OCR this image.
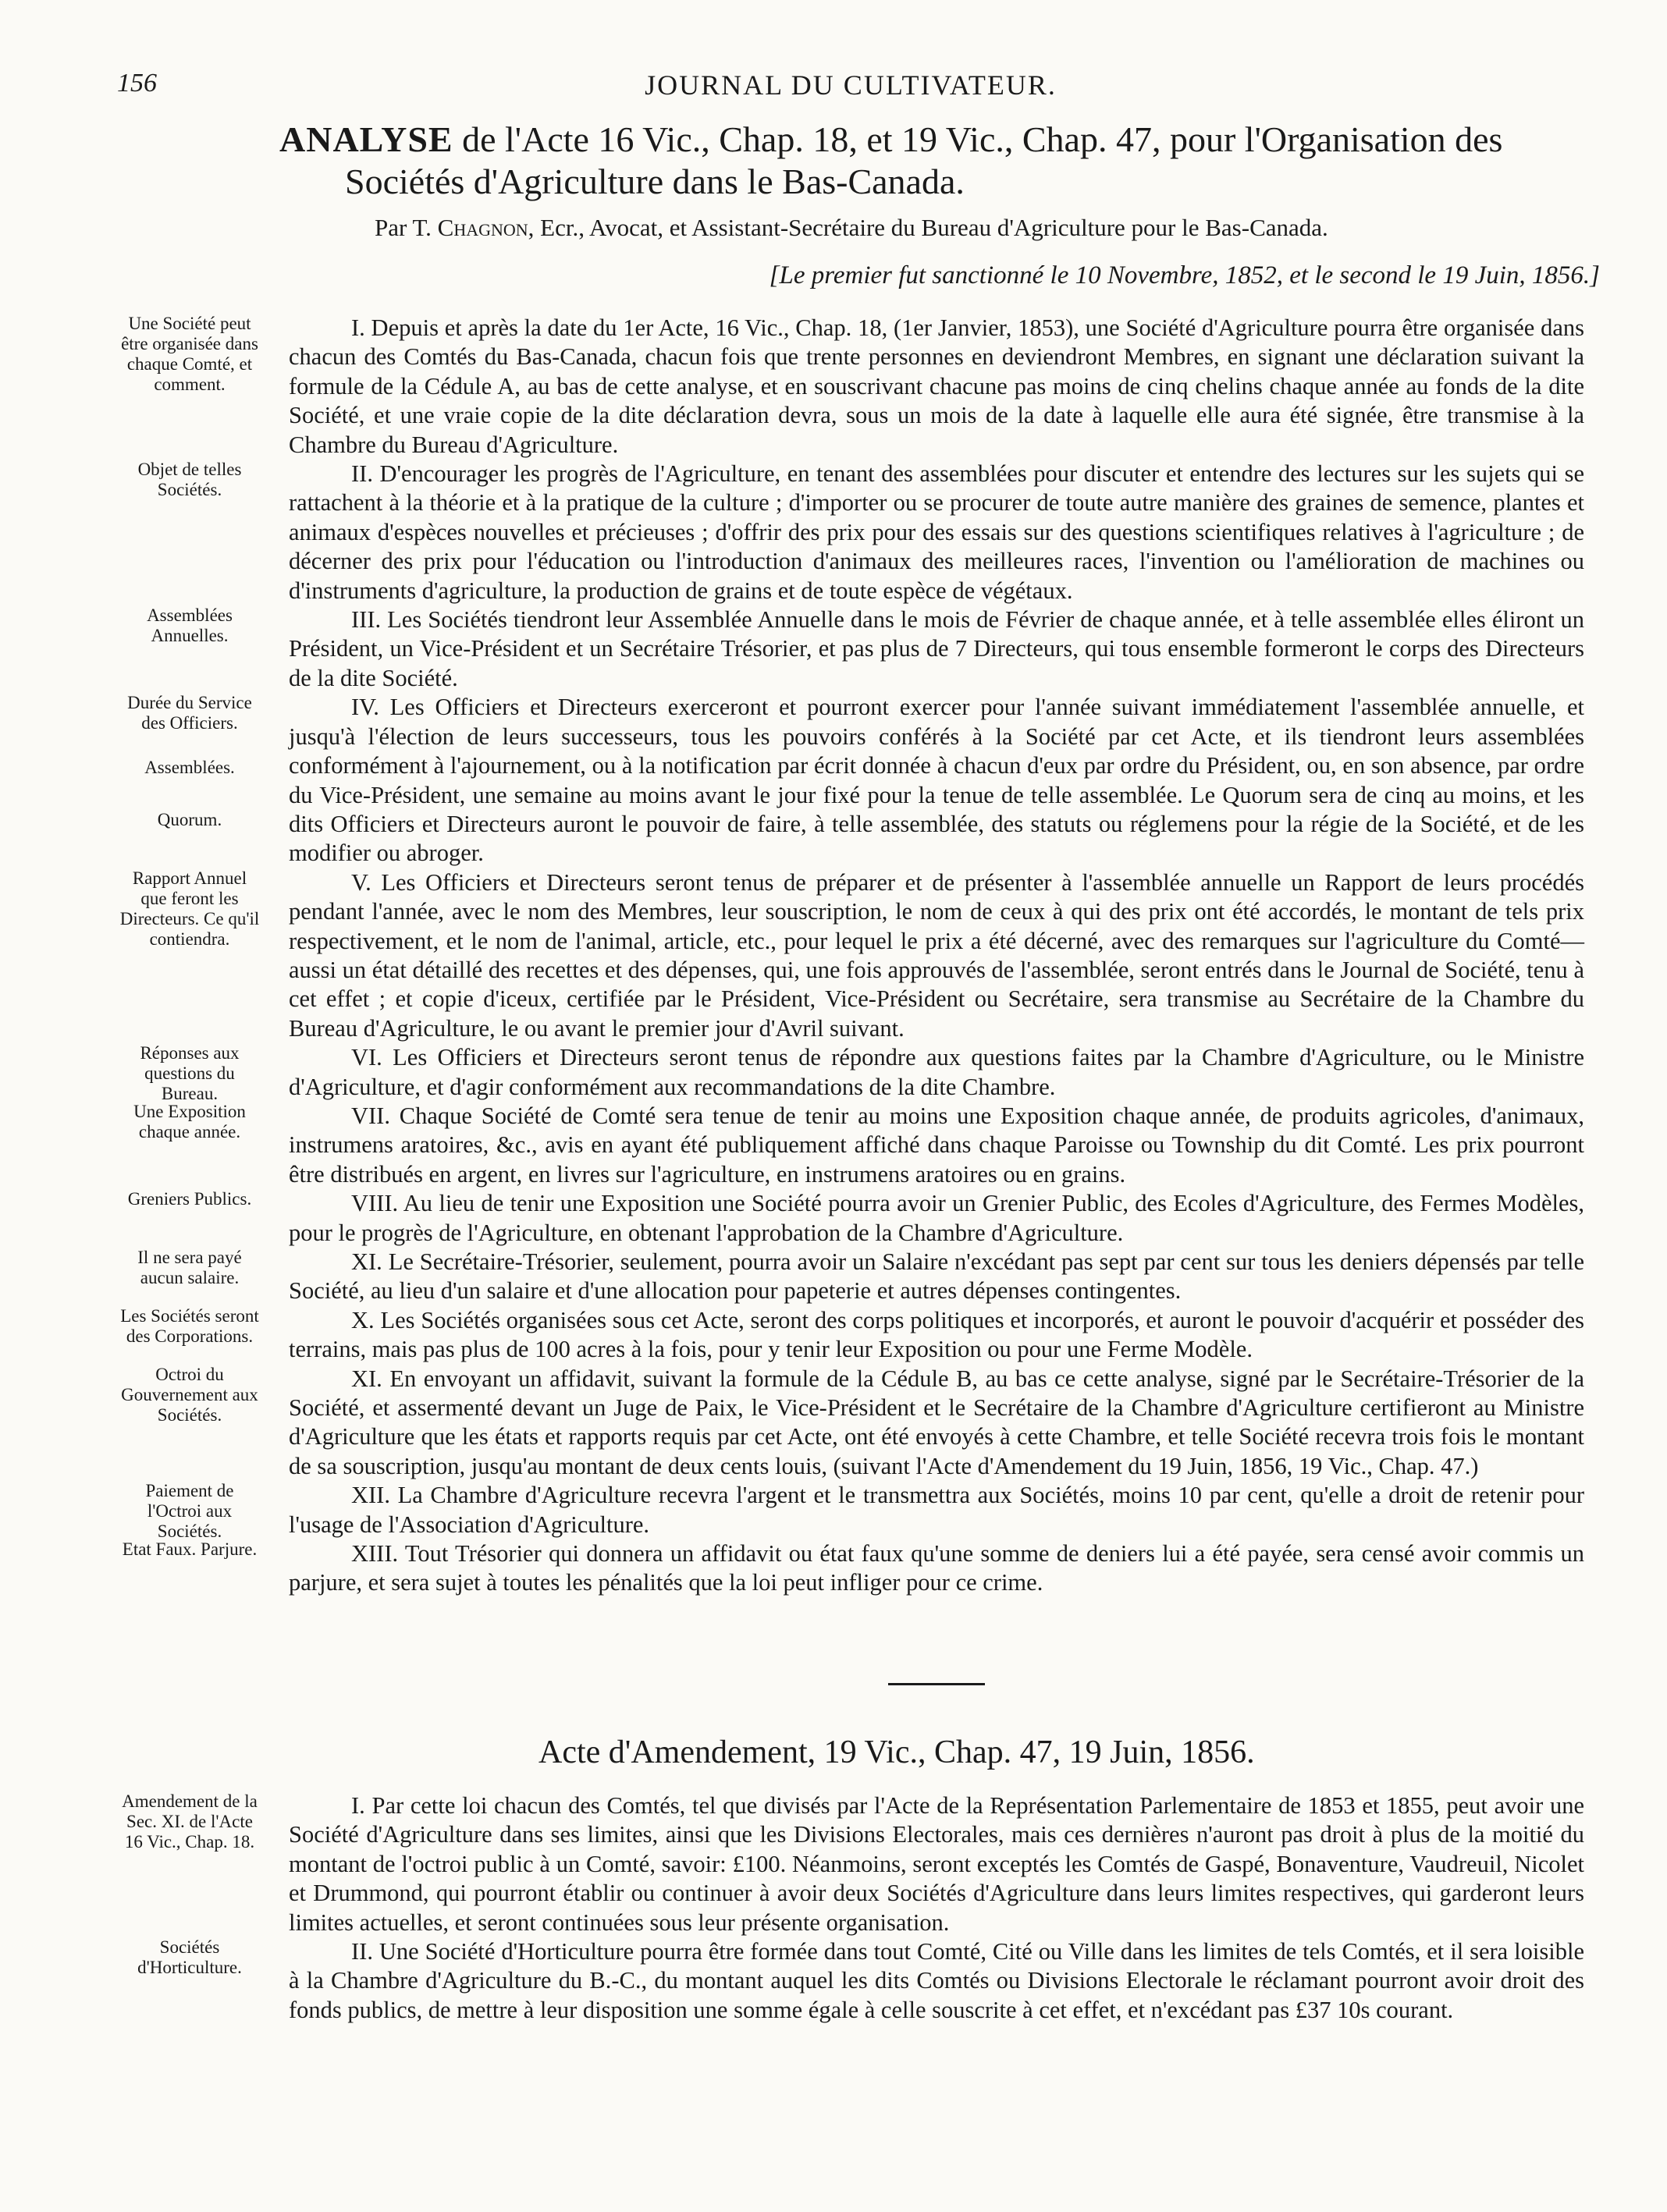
156	JOURNAL DU CULTIVATEUR.
ANALYSE de l'Acte 16 Vic., Chap. 18, et 19 Vic., Chap. 47, pour l'Organisation des
Sociétés d'Agriculture dans le Bas-Canada.
Par T. Chagnon, Ecr., Avocat, et Assistant-Secrétaire du Bureau d'Agriculture pour le Bas-Canada.
[Le premier fut sanctionné le 10 Novembre, 1852, et le second le 19 Juin, 1856.]

Une Société peut être organisée dans chaque Comté, et comment.
I. Depuis et après la date du 1er Acte, 16 Vic., Chap. 18, (1er Janvier, 1853), une Société d'Agriculture pourra être organisée dans chacun des Comtés du Bas-Canada, chacun fois que trente personnes en deviendront Membres, en signant une déclaration suivant la formule de la Cédule A, au bas de cette analyse, et en souscrivant chacune pas moins de cinq chelins chaque année au fonds de la dite Société, et une vraie copie de la dite déclaration devra, sous un mois de la date à laquelle elle aura été signée, être transmise à la Chambre du Bureau d'Agriculture.

Objet de telles Sociétés.
II. D'encourager les progrès de l'Agriculture, en tenant des assemblées pour discuter et entendre des lectures sur les sujets qui se rattachent à la théorie et à la pratique de la culture ; d'importer ou se procurer de toute autre manière des graines de semence, plantes et animaux d'espèces nouvelles et précieuses ; d'offrir des prix pour des essais sur des questions scientifiques relatives à l'agriculture ; de décerner des prix pour l'éducation ou l'introduction d'animaux des meilleures races, l'invention ou l'amélioration de machines ou d'instruments d'agriculture, la production de grains et de toute espèce de végétaux.

Assemblées Annuelles.
III. Les Sociétés tiendront leur Assemblée Annuelle dans le mois de Février de chaque année, et à telle assemblée elles éliront un Président, un Vice-Président et un Secrétaire Trésorier, et pas plus de 7 Directeurs, qui tous ensemble formeront le corps des Directeurs de la dite Société.

Durée du Service des Officiers.
Assemblées.
Quorum.
IV. Les Officiers et Directeurs exerceront et pourront exercer pour l'année suivant immédiatement l'assemblée annuelle, et jusqu'à l'élection de leurs successeurs, tous les pouvoirs conférés à la Société par cet Acte, et ils tiendront leurs assemblées conformément à l'ajournement, ou à la notification par écrit donnée à chacun d'eux par ordre du Président, ou, en son absence, par ordre du Vice-Président, une semaine au moins avant le jour fixé pour la tenue de telle assemblée. Le Quorum sera de cinq au moins, et les dits Officiers et Directeurs auront le pouvoir de faire, à telle assemblée, des statuts ou réglemens pour la régie de la Société, et de les modifier ou abroger.

Rapport Annuel que feront les Directeurs. Ce qu'il contiendra.
V. Les Officiers et Directeurs seront tenus de préparer et de présenter à l'assemblée annuelle un Rapport de leurs procédés pendant l'année, avec le nom des Membres, leur souscription, le nom de ceux à qui des prix ont été accordés, le montant de tels prix respectivement, et le nom de l'animal, article, etc., pour lequel le prix a été décerné, avec des remarques sur l'agriculture du Comté—aussi un état détaillé des recettes et des dépenses, qui, une fois approuvés de l'assemblée, seront entrés dans le Journal de Société, tenu à cet effet ; et copie d'iceux, certifiée par le Président, Vice-Président ou Secrétaire, sera transmise au Secrétaire de la Chambre du Bureau d'Agriculture, le ou avant le premier jour d'Avril suivant.

Réponses aux questions du Bureau.
VI. Les Officiers et Directeurs seront tenus de répondre aux questions faites par la Chambre d'Agriculture, ou le Ministre d'Agriculture, et d'agir conformément aux recommandations de la dite Chambre.

Une Exposition chaque année.
VII. Chaque Société de Comté sera tenue de tenir au moins une Exposition chaque année, de produits agricoles, d'animaux, instrumens aratoires, &c., avis en ayant été publiquement affiché dans chaque Paroisse ou Township du dit Comté. Les prix pourront être distribués en argent, en livres sur l'agriculture, en instrumens aratoires ou en grains.

Greniers Publics.	VIII. Au lieu de tenir une Exposition une Société pourra avoir un Grenier Public, des Ecoles d'Agriculture, des Fermes Modèles, pour le progrès de l'Agriculture, en obtenant l'approbation de la Chambre d'Agriculture.

Il ne sera payé aucun salaire.
XI. Le Secrétaire-Trésorier, seulement, pourra avoir un Salaire n'excédant pas sept par cent sur tous les deniers dépensés par telle Société, au lieu d'un salaire et d'une allocation pour papeterie et autres dépenses contingentes.

Les Sociétés seront des Corporations.
X. Les Sociétés organisées sous cet Acte, seront des corps politiques et incorporés, et auront le pouvoir d'acquérir et posséder des terrains, mais pas plus de 100 acres à la fois, pour y tenir leur Exposition ou pour une Ferme Modèle.

Octroi du Gouvernement aux Sociétés.
XI. En envoyant un affidavit, suivant la formule de la Cédule B, au bas ce cette analyse, signé par le Secrétaire-Trésorier de la Société, et assermenté devant un Juge de Paix, le Vice-Président et le Secrétaire de la Chambre d'Agriculture certifieront au Ministre d'Agriculture que les états et rapports requis par cet Acte, ont été envoyés à cette Chambre, et telle Société recevra trois fois le montant de sa souscription, jusqu'au montant de deux cents louis, (suivant l'Acte d'Amendement du 19 Juin, 1856, 19 Vic., Chap. 47.)

Paiement de l'Octroi aux Sociétés.
XII. La Chambre d'Agriculture recevra l'argent et le transmettra aux Sociétés, moins 10 par cent, qu'elle a droit de retenir pour l'usage de l'Association d'Agriculture.

Etat Faux. Parjure.	XIII. Tout Trésorier qui donnera un affidavit ou état faux qu'une somme de deniers lui a été payée, sera censé avoir commis un parjure, et sera sujet à toutes les pénalités que la loi peut infliger pour ce crime.

Acte d'Amendement, 19 Vic., Chap. 47, 19 Juin, 1856.

Amendement de la Sec. XI. de l'Acte 16 Vic., Chap. 18.
I. Par cette loi chacun des Comtés, tel que divisés par l'Acte de la Représentation Parlementaire de 1853 et 1855, peut avoir une Société d'Agriculture dans ses limites, ainsi que les Divisions Electorales, mais ces dernières n'auront pas droit à plus de la moitié du montant de l'octroi public à un Comté, savoir: £100. Néanmoins, seront exceptés les Comtés de Gaspé, Bonaventure, Vaudreuil, Nicolet et Drummond, qui pourront établir ou continuer à avoir deux Sociétés d'Agriculture dans leurs limites respectives, qui garderont leurs limites actuelles, et seront continuées sous leur présente organisation.

Sociétés d'Horticulture.
II. Une Société d'Horticulture pourra être formée dans tout Comté, Cité ou Ville dans les limites de tels Comtés, et il sera loisible à la Chambre d'Agriculture du B.-C., du montant auquel les dits Comtés ou Divisions Electorale le réclamant pourront avoir droit des fonds publics, de mettre à leur disposition une somme égale à celle souscrite à cet effet, et n'excédant pas £37 10s courant.
